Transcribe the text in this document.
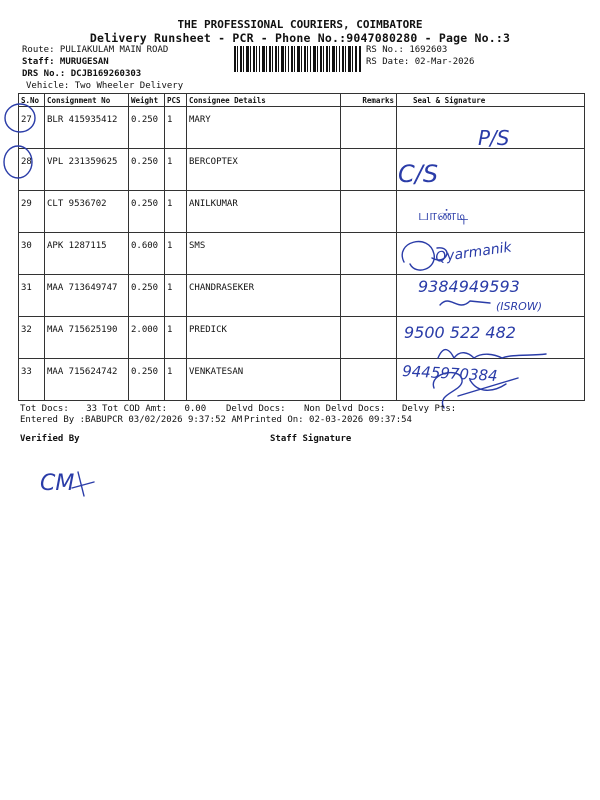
THE PROFESSIONAL COURIERS, COIMBATORE
Delivery Runsheet - PCR - Phone No.:9047080280 - Page No.:3
Route: PULIAKULAM MAIN ROAD
Staff: MURUGESAN
DRS No.: DCJB169260303
Vehicle: Two Wheeler Delivery
RS No.: 1692603
RS Date: 02-Mar-2026
S.No	Consignment No	Weight	PCS	Consignee Details	Remarks	Seal & Signature
27	BLR 415935412	0.250	1	MARY		
28	VPL 231359625	0.250	1	BERCOPTEX		
29	CLT 9536702	0.250	1	ANILKUMAR		
30	APK 1287115	0.600	1	SMS		
31	MAA 713649747	0.250	1	CHANDRASEKER		
32	MAA 715625190	2.000	1	PREDICK		
33	MAA 715624742	0.250	1	VENKATESAN		
P/S
C/S
பாண்டி
Qyarmanik
9384949593
(ISROW)
9500 522 482
9445970384
CM
Tot Docs: 33 Tot COD Amt: 0.00 Delvd Docs: Non Delvd Docs: Delvy Pts:
Entered By :BABUPCR 03/02/2026 9:37:52 AM Printed On: 02-03-2026 09:37:54
Verified By	Staff Signature
